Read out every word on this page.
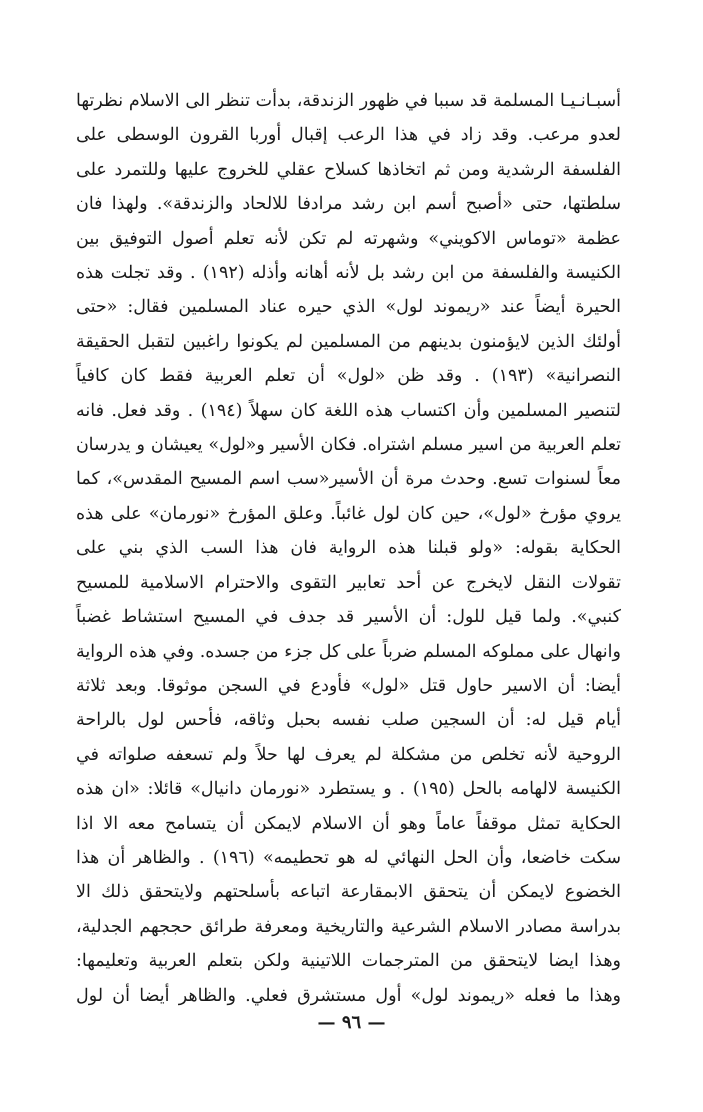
أسبـانـيـا المسلمة قد سببا في ظهور الزندقة، بدأت تنظر الى الاسلام نظرتها
لعدو مرعب. وقد زاد في هذا الرعب إقبال أوربا القرون الوسطى على
الفلسفة الرشدية ومن ثم اتخاذها كسلاح عقلي للخروج عليها وللتمرد على
سلطتها، حتى «أصبح أسم ابن رشد مرادفا للالحاد والزندقة». ولهذا فان
عظمة «توماس الاكويني» وشهرته لم تكن لأنه تعلم أصول التوفيق بين
الكنيسة والفلسفة من ابن رشد بل لأنه أهانه وأذله (١٩٢) . وقد تجلت هذه
الحيرة أيضاً عند «ريموند لول» الذي حيره عناد المسلمين فقال: «حتى
أولئك الذين لايؤمنون بدينهم من المسلمين لم يكونوا راغبين لتقبل الحقيقة
النصرانية» (١٩٣) . وقد ظن «لول» أن تعلم العربية فقط كان كافياً
لتنصير المسلمين وأن اكتساب هذه اللغة كان سهلاً (١٩٤) . وقد فعل. فانه
تعلم العربية من اسير مسلم اشتراه. فكان الأسير و«لول» يعيشان و يدرسان
معاً لسنوات تسع. وحدث مرة أن الأسير«سب اسم المسيح المقدس»، كما
يروي مؤرخ «لول»، حين كان لول غائباً. وعلق المؤرخ «نورمان» على هذه
الحكاية بقوله: «ولو قبلنا هذه الرواية فان هذا السب الذي بني على
تقولات النقل لايخرج عن أحد تعابير التقوى والاحترام الاسلامية للمسيح
كنبي». ولما قيل للول: أن الأسير قد جدف في المسيح استشاط غضباً
وانهال على مملوكه المسلم ضرباً على كل جزء من جسده. وفي هذه الرواية
أيضا: أن الاسير حاول قتل «لول» فأودع في السجن موثوقا. وبعد ثلاثة
أيام قيل له: أن السجين صلب نفسه بحبل وثاقه، فأحس لول بالراحة
الروحية لأنه تخلص من مشكلة لم يعرف لها حلاً ولم تسعفه صلواته في
الكنيسة لالهامه بالحل (١٩٥) . و يستطرد «نورمان دانيال» قائلا: «ان هذه
الحكاية تمثل موقفاً عاماً وهو أن الاسلام لايمكن أن يتسامح معه الا اذا
سكت خاضعا، وأن الحل النهائي له هو تحطيمه» (١٩٦) . والظاهر أن هذا
الخضوع لايمكن أن يتحقق الابمقارعة اتباعه بأسلحتهم ولايتحقق ذلك الا
بدراسة مصادر الاسلام الشرعية والتاريخية ومعرفة طرائق حججهم الجدلية،
وهذا ايضا لايتحقق من المترجمات اللاتينية ولكن بتعلم العربية وتعليمها:
وهذا ما فعله «ريموند لول» أول مستشرق فعلي. والظاهر أيضا أن لول
— ٩٦ —
